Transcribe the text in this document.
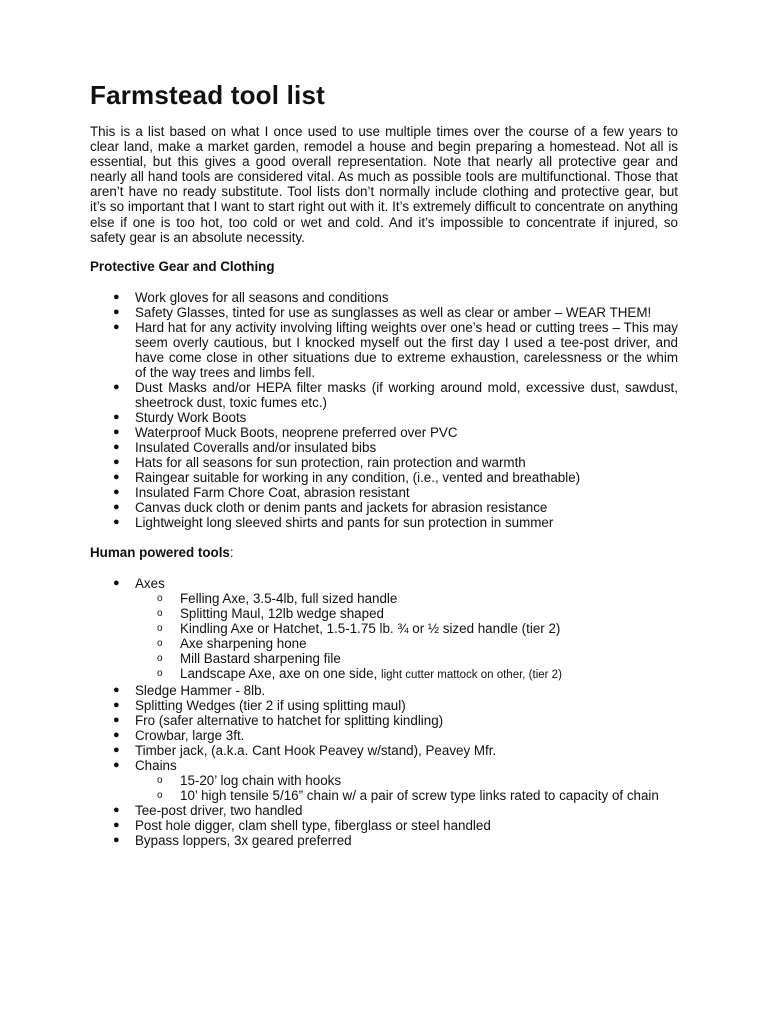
Farmstead tool list

This is a list based on what I once used to use multiple times over the course of a few years to clear land, make a market garden, remodel a house and begin preparing a homestead. Not all is essential, but this gives a good overall representation. Note that nearly all protective gear and nearly all hand tools are considered vital. As much as possible tools are multifunctional. Those that aren’t have no ready substitute. Tool lists don’t normally include clothing and protective gear, but it’s so important that I want to start right out with it. It’s extremely difficult to concentrate on anything else if one is too hot, too cold or wet and cold. And it’s impossible to concentrate if injured, so safety gear is an absolute necessity.

Protective Gear and Clothing
● Work gloves for all seasons and conditions
● Safety Glasses, tinted for use as sunglasses as well as clear or amber – WEAR THEM!
● Hard hat for any activity involving lifting weights over one’s head or cutting trees – This may seem overly cautious, but I knocked myself out the first day I used a tee-post driver, and have come close in other situations due to extreme exhaustion, carelessness or the whim of the way trees and limbs fell.
● Dust Masks and/or HEPA filter masks (if working around mold, excessive dust, sawdust, sheetrock dust, toxic fumes etc.)
● Sturdy Work Boots
● Waterproof Muck Boots, neoprene preferred over PVC
● Insulated Coveralls and/or insulated bibs
● Hats for all seasons for sun protection, rain protection and warmth
● Raingear suitable for working in any condition, (i.e., vented and breathable)
● Insulated Farm Chore Coat, abrasion resistant
● Canvas duck cloth or denim pants and jackets for abrasion resistance
● Lightweight long sleeved shirts and pants for sun protection in summer
Human powered tools:
● Axes
o Felling Axe, 3.5-4lb, full sized handle
o Splitting Maul, 12lb wedge shaped
o Kindling Axe or Hatchet, 1.5-1.75 lb. ¾ or ½ sized handle (tier 2)
o Axe sharpening hone
o Mill Bastard sharpening file
o Landscape Axe, axe on one side, light cutter mattock on other, (tier 2)
● Sledge Hammer - 8lb.
● Splitting Wedges (tier 2 if using splitting maul)
● Fro (safer alternative to hatchet for splitting kindling)
● Crowbar, large 3ft.
● Timber jack, (a.k.a. Cant Hook Peavey w/stand), Peavey Mfr.
● Chains
o 15-20’ log chain with hooks
o 10’ high tensile 5/16” chain w/ a pair of screw type links rated to capacity of chain
● Tee-post driver, two handled
● Post hole digger, clam shell type, fiberglass or steel handled
● Bypass loppers, 3x geared preferred
